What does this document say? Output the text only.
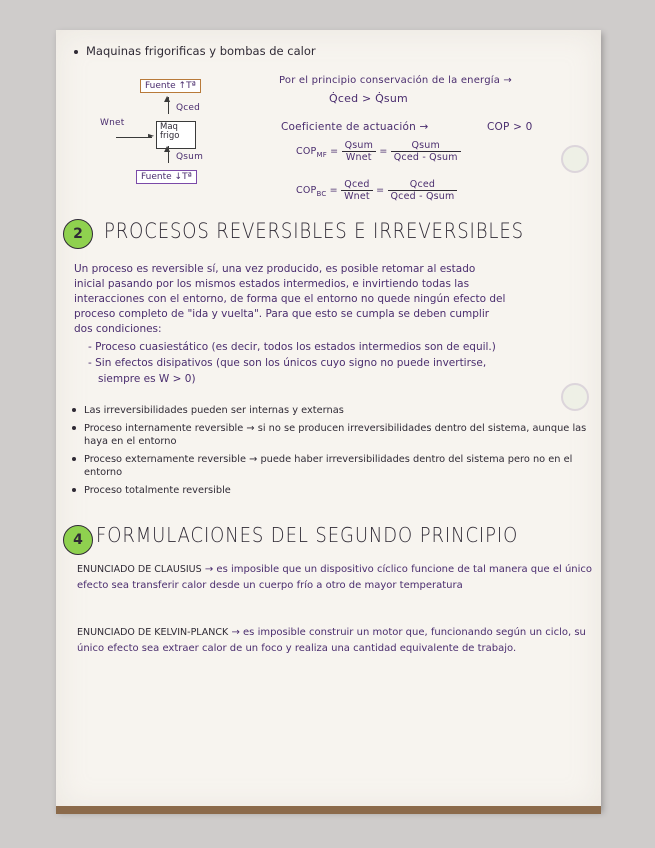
Maquinas frigorificas y bombas de calor
Fuente ↑Tª
▲
Qced
Wnet
►
Maq
frigo
▲
Qsum
Fuente ↓Tª
Por el principio conservación de la energía →
Q̇ced > Q̇sum
Coeficiente de actuación →	COP > 0
$COP_{MF} = \frac{\text{Qsum}}{\text{Wnet}} = \frac{\text{Qsum}}{\text{Qced - Qsum}}$
$COP_{BC} = \frac{\text{Qced}}{\text{Wnet}} = \frac{\text{Qced}}{\text{Qced - Qsum}}$
2	PROCESOS REVERSIBLES E IRREVERSIBLES

Un proceso es reversible sí, una vez producido, es posible retomar al estado

inicial pasando por los mismos estados intermedios, e invirtiendo todas las

interacciones con el entorno, de forma que el entorno no quede ningún efecto del

proceso completo de "ida y vuelta". Para que esto se cumpla se deben cumplir

dos condiciones:

- Proceso cuasiestático (es decir, todos los estados intermedios son de equil.)

- Sin efectos disipativos (que son los únicos cuyo signo no puede invertirse,

siempre es W > 0)

Las irreversibilidades pueden ser internas y externas

Proceso internamente reversible → si no se producen irreversibilidades dentro del sistema, aunque las haya en el entorno

Proceso externamente reversible → puede haber irreversibilidades dentro del sistema pero no en el entorno

Proceso totalmente reversible

4 FORMULACIONES DEL SEGUNDO PRINCIPIO
ENUNCIADO DE CLAUSIUS → es imposible que un dispositivo cíclico funcione de tal manera que el único efecto sea transferir calor desde un cuerpo frío a otro de mayor temperatura
ENUNCIADO DE KELVIN-PLANCK → es imposible construir un motor que, funcionando según un ciclo, su único efecto sea extraer calor de un foco y realiza una cantidad equivalente de trabajo.
